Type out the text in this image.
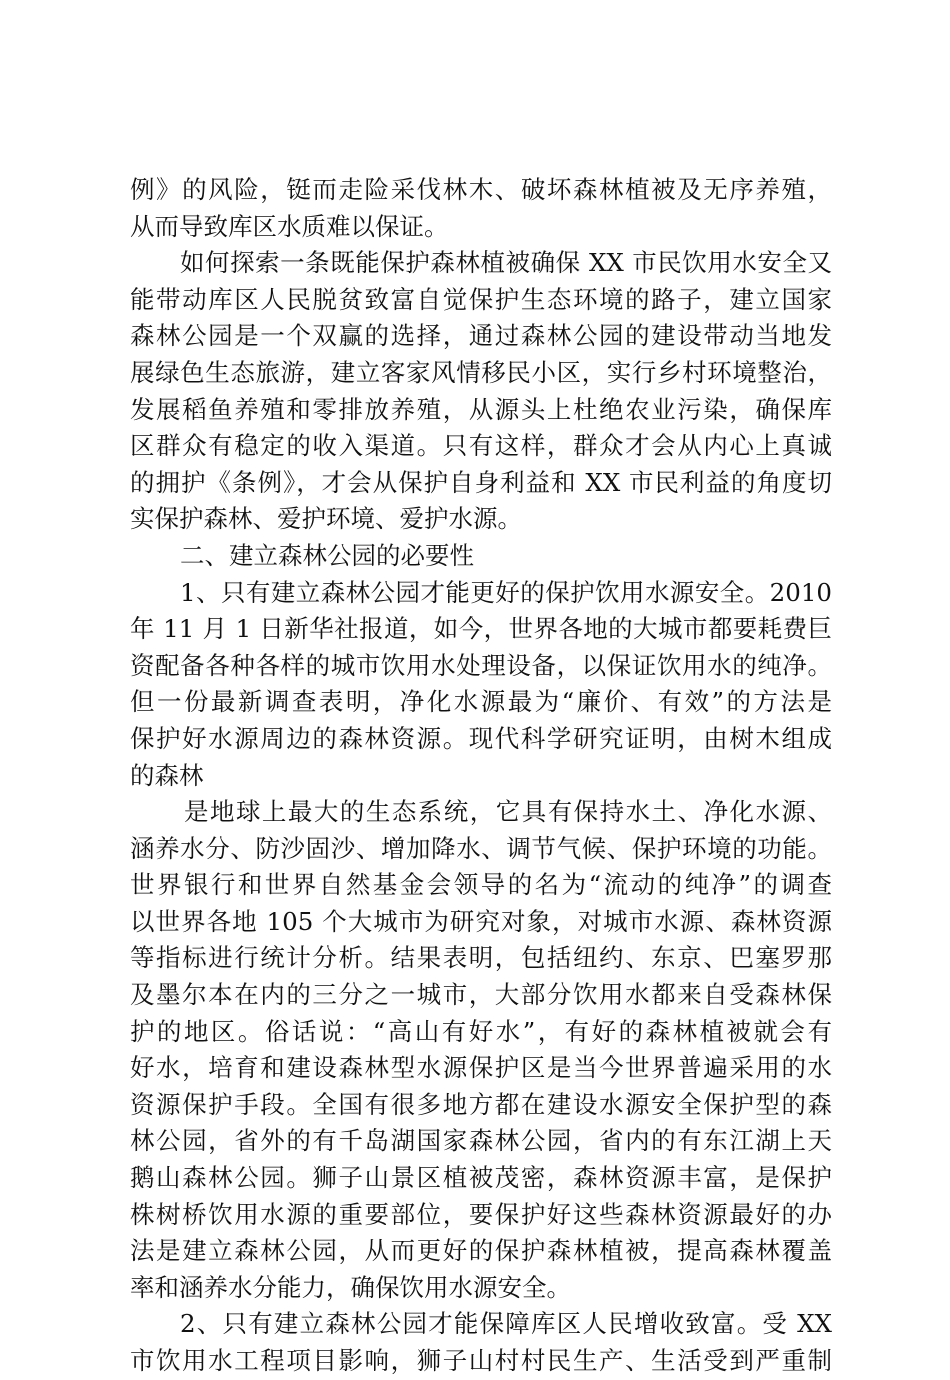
例》的风险，铤而走险采伐林木、破坏森林植被及无序养殖，
从而导致库区水质难以保证。
如何探索一条既能保护森林植被确保 XX 市民饮用水安全又
能带动库区人民脱贫致富自觉保护生态环境的路子，建立国家
森林公园是一个双赢的选择，通过森林公园的建设带动当地发
展绿色生态旅游，建立客家风情移民小区，实行乡村环境整治，
发展稻鱼养殖和零排放养殖，从源头上杜绝农业污染，确保库
区群众有稳定的收入渠道。只有这样，群众才会从内心上真诚
的拥护《条例》，才会从保护自身利益和 XX 市民利益的角度切
实保护森林、爱护环境、爱护水源。
二、建立森林公园的必要性
1、只有建立森林公园才能更好的保护饮用水源安全。2010
年 11 月 1 日新华社报道，如今，世界各地的大城市都要耗费巨
资配备各种各样的城市饮用水处理设备，以保证饮用水的纯净。
但一份最新调查表明，净化水源最为“廉价、有效”的方法是
保护好水源周边的森林资源。现代科学研究证明，由树木组成
的森林
是地球上最大的生态系统，它具有保持水土、净化水源、
涵养水分、防沙固沙、增加降水、调节气候、保护环境的功能。
世界银行和世界自然基金会领导的名为“流动的纯净”的调查
以世界各地 105 个大城市为研究对象，对城市水源、森林资源
等指标进行统计分析。结果表明，包括纽约、东京、巴塞罗那
及墨尔本在内的三分之一城市，大部分饮用水都来自受森林保
护的地区。俗话说：“高山有好水”，有好的森林植被就会有
好水，培育和建设森林型水源保护区是当今世界普遍采用的水
资源保护手段。全国有很多地方都在建设水源安全保护型的森
林公园，省外的有千岛湖国家森林公园，省内的有东江湖上天
鹅山森林公园。狮子山景区植被茂密，森林资源丰富，是保护
株树桥饮用水源的重要部位，要保护好这些森林资源最好的办
法是建立森林公园，从而更好的保护森林植被，提高森林覆盖
率和涵养水分能力，确保饮用水源安全。
2、只有建立森林公园才能保障库区人民增收致富。受 XX
市饮用水工程项目影响，狮子山村村民生产、生活受到严重制
